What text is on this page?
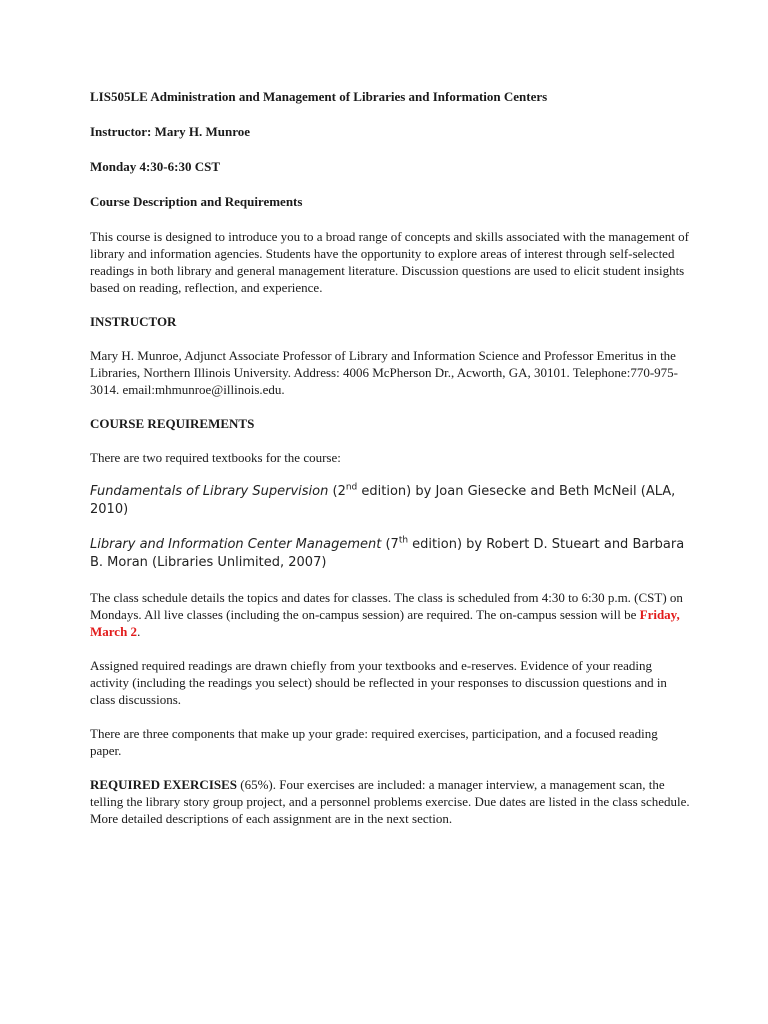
LIS505LE Administration and Management of Libraries and Information Centers

Instructor: Mary H. Munroe

Monday 4:30-6:30 CST

Course Description and Requirements

This course is designed to introduce you to a broad range of concepts and skills associated with the management of library and information agencies. Students have the opportunity to explore areas of interest through self-selected readings in both library and general management literature. Discussion questions are used to elicit student insights based on reading, reflection, and experience.

INSTRUCTOR

Mary H. Munroe, Adjunct Associate Professor of Library and Information Science and Professor Emeritus in the Libraries, Northern Illinois University. Address: 4006 McPherson Dr., Acworth, GA, 30101. Telephone:770-975-3014. email:mhmunroe@illinois.edu.

COURSE REQUIREMENTS

There are two required textbooks for the course:

Fundamentals of Library Supervision (2nd edition) by Joan Giesecke and Beth McNeil (ALA, 2010)

Library and Information Center Management (7th edition) by Robert D. Stueart and Barbara B. Moran (Libraries Unlimited, 2007)

The class schedule details the topics and dates for classes. The class is scheduled from 4:30 to 6:30 p.m. (CST) on Mondays. All live classes (including the on-campus session) are required. The on-campus session will be Friday, March 2.

Assigned required readings are drawn chiefly from your textbooks and e-reserves. Evidence of your reading activity (including the readings you select) should be reflected in your responses to discussion questions and in class discussions.

There are three components that make up your grade: required exercises, participation, and a focused reading paper.

REQUIRED EXERCISES (65%). Four exercises are included: a manager interview, a management scan, the telling the library story group project, and a personnel problems exercise. Due dates are listed in the class schedule. More detailed descriptions of each assignment are in the next section.
